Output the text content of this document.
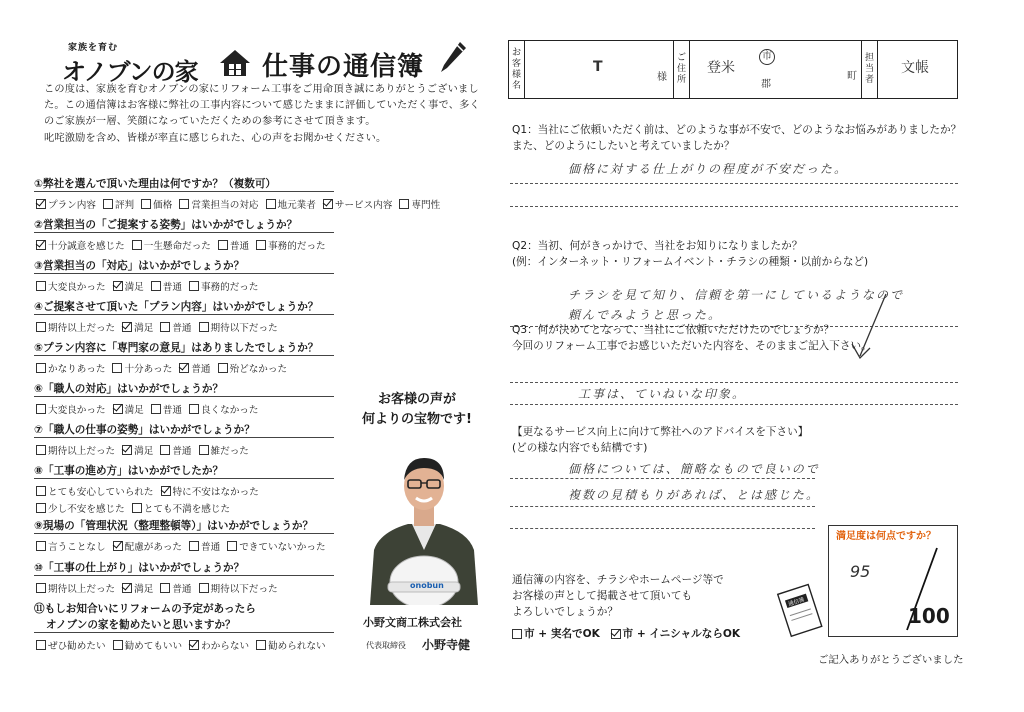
家族を育む
オノブンの家 仕事の通信簿
この度は、家族を育むオノブンの家にリフォーム工事をご用命頂き誠にありがとうございまし
た。この通信簿はお客様に弊社の工事内容について感じたままに評価していただく事で、多く
のご家族が一層、笑顔になっていただくための参考にさせて頂きます。
叱咤激励を含め、皆様が率直に感じられた、心の声をお聞かせください。
①弊社を選んで頂いた理由は何ですか？（複数可）
プラン内容 評判 価格 営業担当の対応 地元業者 サービス内容 専門性
②営業担当の「ご提案する姿勢」はいかがでしょうか？
十分誠意を感じた 一生懸命だった 普通 事務的だった
③営業担当の「対応」はいかがでしょうか？
大変良かった 満足 普通 事務的だった
④ご提案させて頂いた「プラン内容」はいかがでしょうか？
期待以上だった 満足 普通 期待以下だった
⑤プラン内容に「専門家の意見」はありましたでしょうか？
かなりあった 十分あった 普通 殆どなかった
⑥「職人の対応」はいかがでしょうか？
大変良かった 満足 普通 良くなかった
⑦「職人の仕事の姿勢」はいかがでしょうか？
期待以上だった 満足 普通 雑だった
⑧「工事の進め方」はいかがでしたか？
とても安心していられた 特に不安はなかった
少し不安を感じた とても不満を感じた
⑨現場の「管理状況（整理整頓等）」はいかがでしょうか？
言うことなし 配慮があった 普通 できていないかった
⑩「工事の仕上がり」はいかがでしょうか？
期待以上だった 満足 普通 期待以下だった
⑪もしお知合いにリフォームの予定があったら
オノブンの家を勧めたいと思いますか？
ぜひ勧めたい 勧めてもいい わからない 勧められない
お客様の声が
何よりの宝物です!
onobun
小野文商工株式会社
代表取締役 小野寺健
お
客
様
名
T
様
ご
住
所
登米
市
郡
町
担
当
者
文帳
Q1：当社にご依頼いただく前は、どのような事が不安で、どのようなお悩みがありましたか？
また、どのようにしたいと考えていましたか？
価格に対する仕上がりの程度が不安だった。
Q2：当初、何がきっかけで、当社をお知りになりましたか？
(例：インターネット・リフォームイベント・チラシの種類・以前からなど)
チラシを見て知り、信頼を第一にしているようなので
頼んでみようと思った。
Q3：何が決めてとなって、当社にご依頼いただけたのでしょうか？
今回のリフォーム工事でお感じいただいた内容を、そのままご記入下さい。
工事は、ていねいな印象。
【更なるサービス向上に向けて弊社へのアドバイスを下さい】
(どの様な内容でも結構です)
価格については、簡略なもので良いので
複数の見積もりがあれば、とは感じた。
通信簿の内容を、チラシやホームページ等で
お客様の声として掲載させて頂いても
よろしいでしょうか？
市 + 実名でOK
市 + イニシャルならOK
通信簿
満足度は何点ですか？
95
100
ご記入ありがとうございました
